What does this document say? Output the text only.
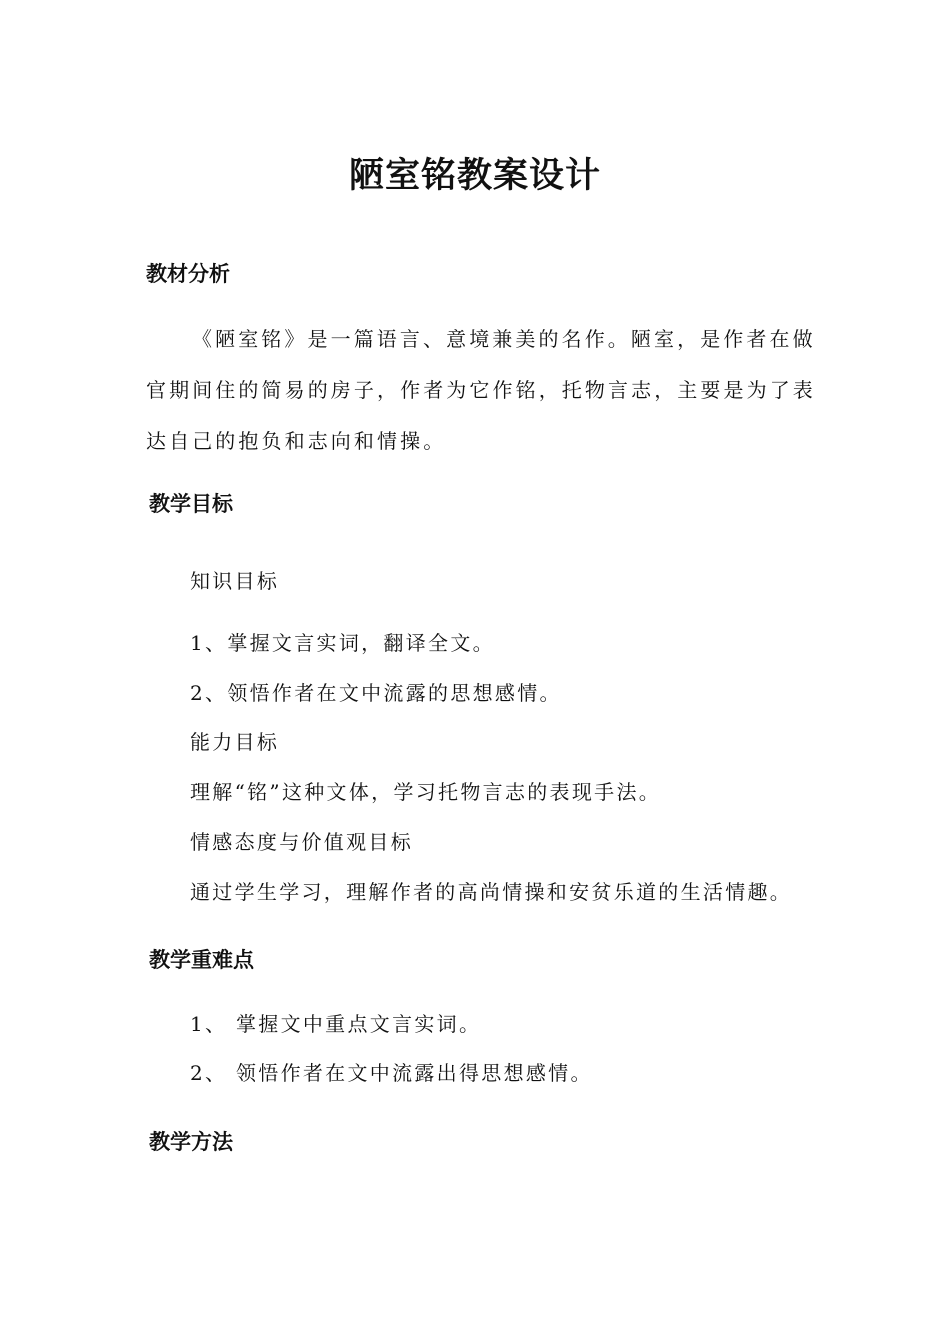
陋室铭教案设计
教材分析
《陋室铭》是一篇语言、意境兼美的名作。陋室，是作者在做
官期间住的简易的房子，作者为它作铭，托物言志，主要是为了表
达自己的抱负和志向和情操。
教学目标
知识目标
1、掌握文言实词，翻译全文。
2、领悟作者在文中流露的思想感情。
能力目标
理解“铭”这种文体，学习托物言志的表现手法。
情感态度与价值观目标
通过学生学习，理解作者的高尚情操和安贫乐道的生活情趣。
教学重难点
1、 掌握文中重点文言实词。
2、 领悟作者在文中流露出得思想感情。
教学方法
